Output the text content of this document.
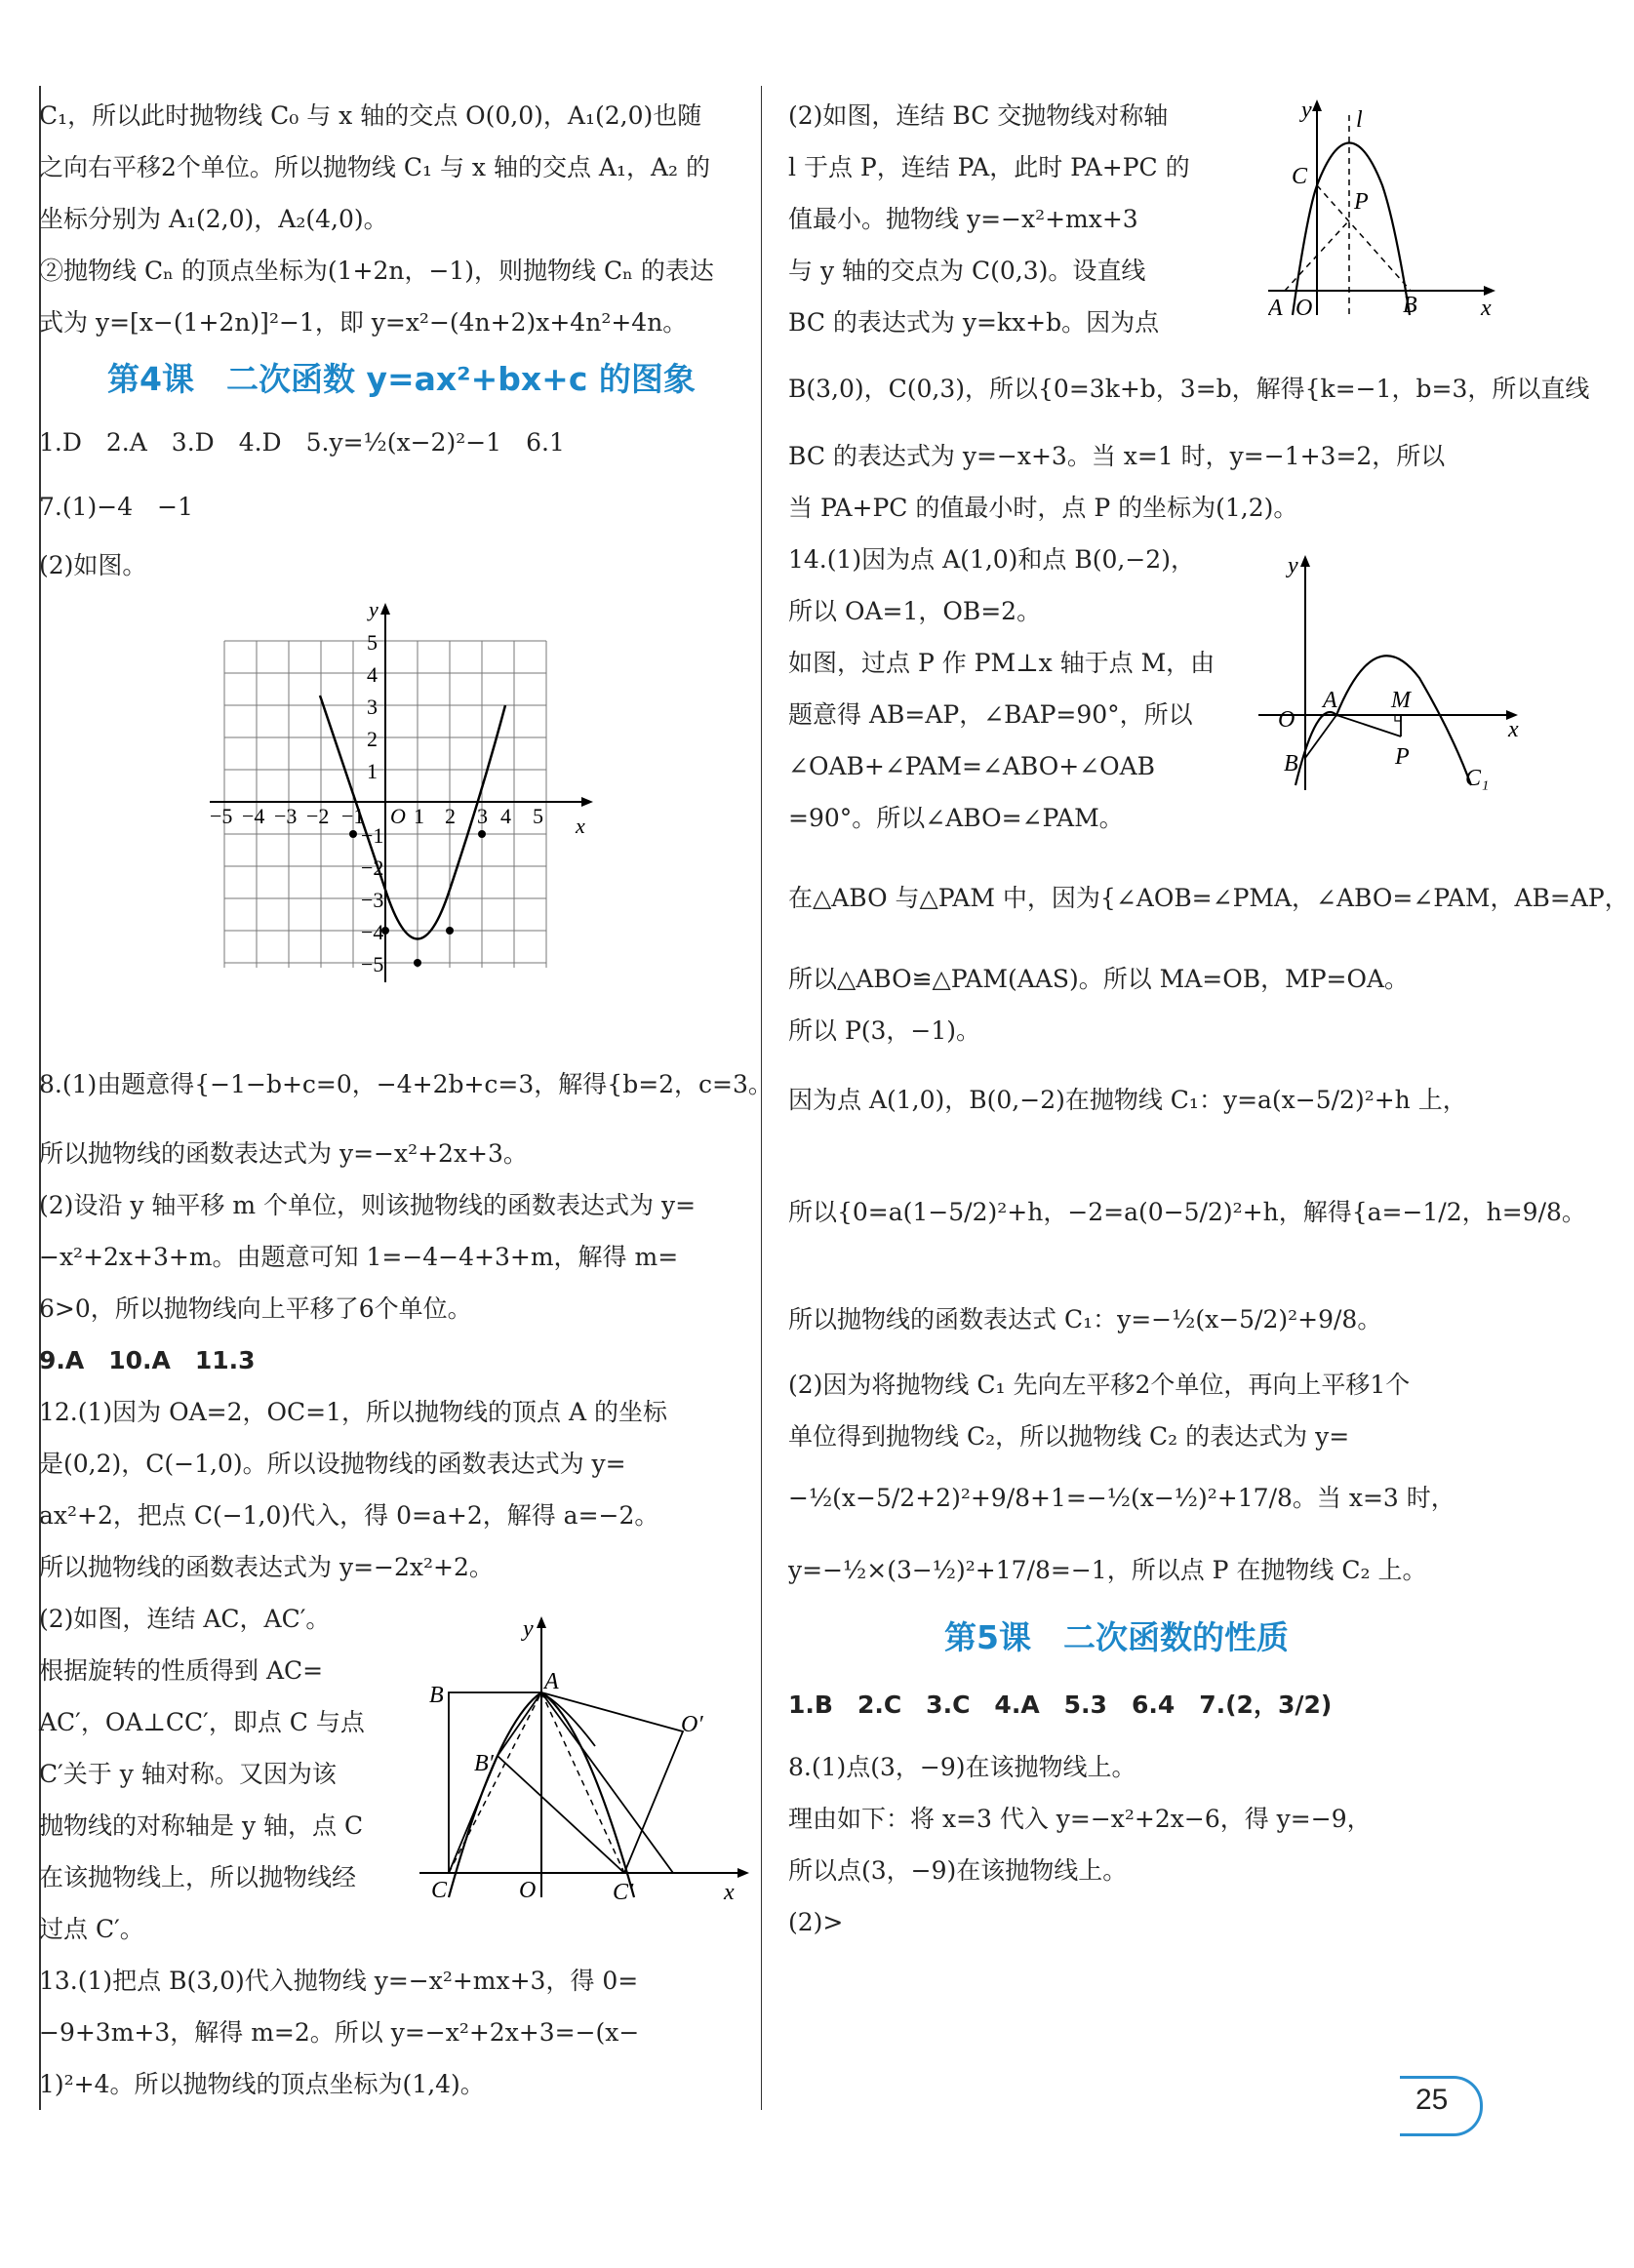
C₁，所以此时抛物线 C₀ 与 x 轴的交点 O(0,0)，A₁(2,0)也随

之向右平移2个单位。所以抛物线 C₁ 与 x 轴的交点 A₁，A₂ 的

坐标分别为 A₁(2,0)，A₂(4,0)。

②抛物线 Cₙ 的顶点坐标为(1+2n，−1)，则抛物线 Cₙ 的表达

式为 y=[x−(1+2n)]²−1，即 y=x²−(4n+2)x+4n²+4n。

第4课　二次函数 y=ax²+bx+c 的图象

1.D　2.A　3.D　4.D　5.y=½(x−2)²−1　6.1

7.(1)−4　−1

(2)如图。

8.(1)由题意得{−1−b+c=0，−4+2b+c=3，解得{b=2，c=3。

所以抛物线的函数表达式为 y=−x²+2x+3。

(2)设沿 y 轴平移 m 个单位，则该抛物线的函数表达式为 y=

−x²+2x+3+m。由题意可知 1=−4−4+3+m，解得 m=

6>0，所以抛物线向上平移了6个单位。

9.A　10.A　11.3

12.(1)因为 OA=2，OC=1，所以抛物线的顶点 A 的坐标

是(0,2)，C(−1,0)。所以设抛物线的函数表达式为 y=

ax²+2，把点 C(−1,0)代入，得 0=a+2，解得 a=−2。

所以抛物线的函数表达式为 y=−2x²+2。

(2)如图，连结 AC，AC′。

根据旋转的性质得到 AC=

AC′，OA⊥CC′，即点 C 与点

C′关于 y 轴对称。又因为该

抛物线的对称轴是 y 轴，点 C

在该抛物线上，所以抛物线经

过点 C′。

13.(1)把点 B(3,0)代入抛物线 y=−x²+mx+3，得 0=

−9+3m+3，解得 m=2。所以 y=−x²+2x+3=−(x−

1)²+4。所以抛物线的顶点坐标为(1,4)。

(2)如图，连结 BC 交抛物线对称轴

l 于点 P，连结 PA，此时 PA+PC 的

值最小。抛物线 y=−x²+mx+3

与 y 轴的交点为 C(0,3)。设直线

BC 的表达式为 y=kx+b。因为点

B(3,0)，C(0,3)，所以{0=3k+b，3=b，解得{k=−1，b=3，所以直线

BC 的表达式为 y=−x+3。当 x=1 时，y=−1+3=2，所以

当 PA+PC 的值最小时，点 P 的坐标为(1,2)。

14.(1)因为点 A(1,0)和点 B(0,−2)，

所以 OA=1，OB=2。

如图，过点 P 作 PM⊥x 轴于点 M，由

题意得 AB=AP，∠BAP=90°，所以

∠OAB+∠PAM=∠ABO+∠OAB

=90°。所以∠ABO=∠PAM。

在△ABO 与△PAM 中，因为{∠AOB=∠PMA，∠ABO=∠PAM，AB=AP，

所以△ABO≌△PAM(AAS)。所以 MA=OB，MP=OA。

所以 P(3，−1)。

因为点 A(1,0)，B(0,−2)在抛物线 C₁：y=a(x−5/2)²+h 上，

所以{0=a(1−5/2)²+h，−2=a(0−5/2)²+h，解得{a=−1/2，h=9/8。

所以抛物线的函数表达式 C₁：y=−½(x−5/2)²+9/8。

(2)因为将抛物线 C₁ 先向左平移2个单位，再向上平移1个

单位得到抛物线 C₂，所以抛物线 C₂ 的表达式为 y=

−½(x−5/2+2)²+9/8+1=−½(x−½)²+17/8。当 x=3 时，

y=−½×(3−½)²+17/8=−1，所以点 P 在抛物线 C₂ 上。

第5课　二次函数的性质

1.B　2.C　3.C　4.A　5.3　6.4　7.(2，3/2)

8.(1)点(3，−9)在该抛物线上。

理由如下：将 x=3 代入 y=−x²+2x−6，得 y=−9，

所以点(3，−9)在该抛物线上。

(2)>

y
x
−5 −4 −3 −2 −1 O 1 2 3 4 5
5
4
3
2
1
−1
−2
−3
−4
−5
y
B
A
B′
O′
C	O	C′	x
y l
C
P
A O	B	x
y
A M
O	x
B	P
C₁
25
